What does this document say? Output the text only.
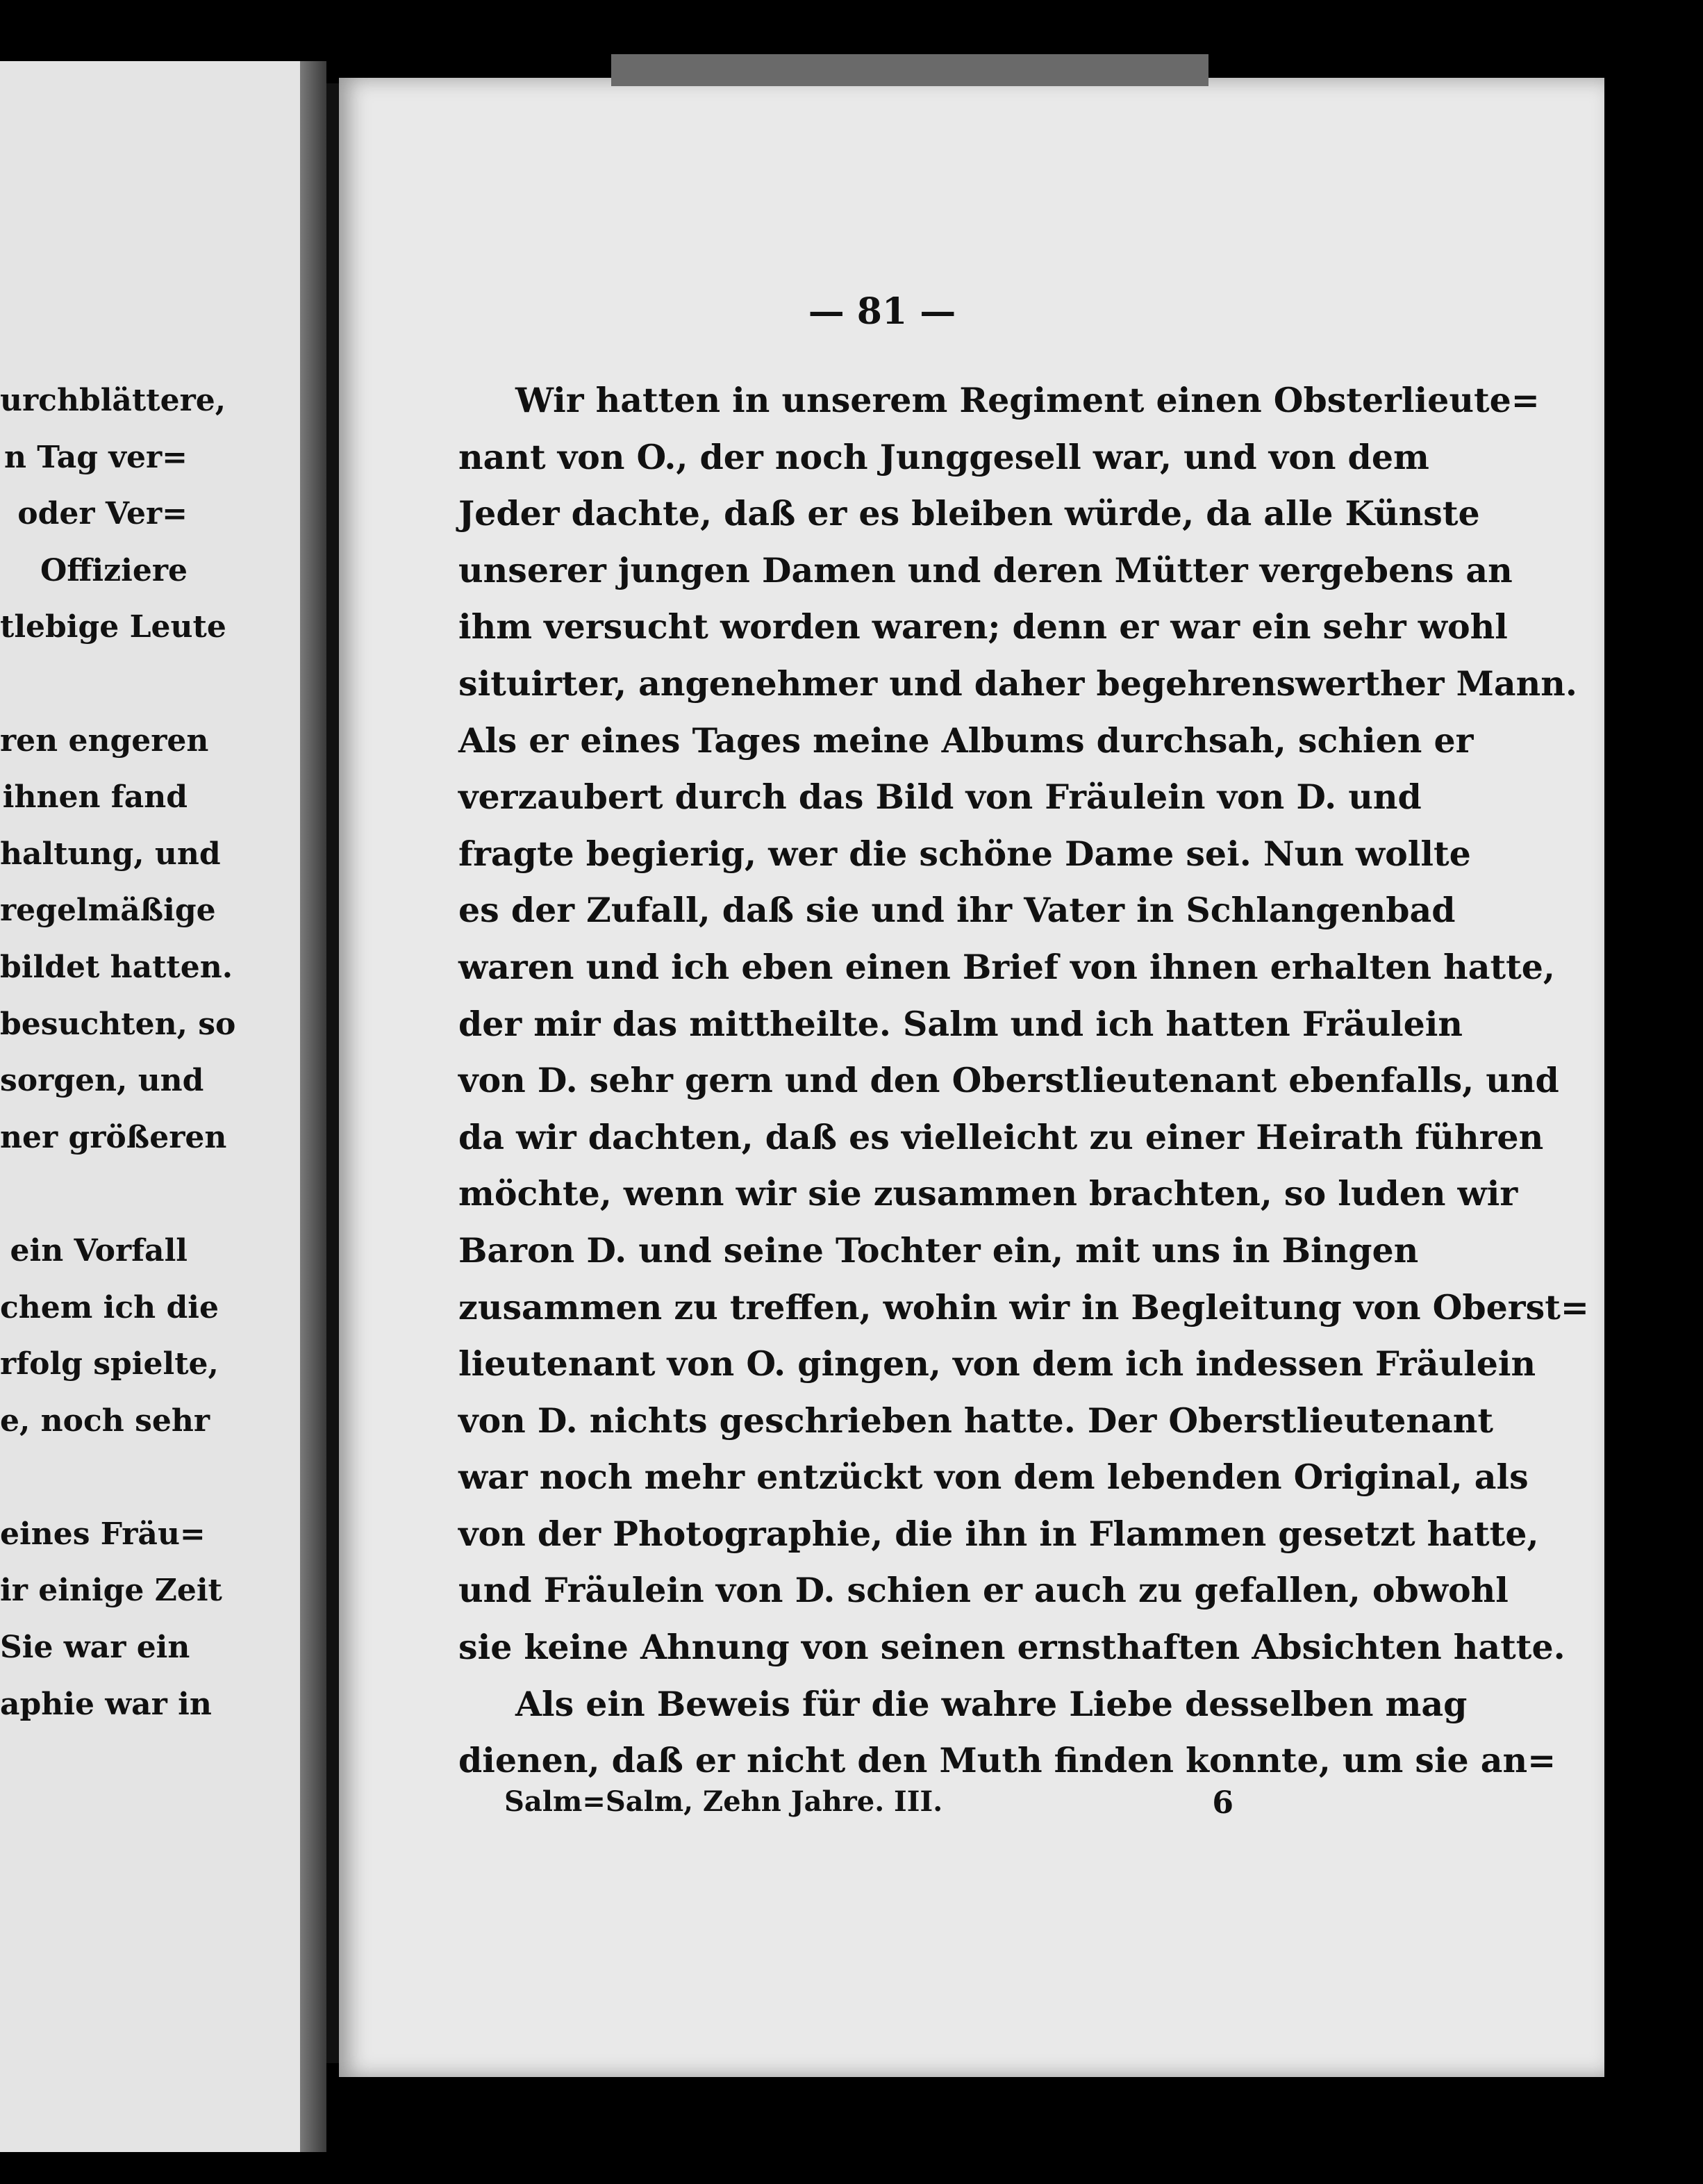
urchblättere,
n Tag ver=
oder Ver=
Offiziere
tlebige Leute
ren engeren
ihnen fand
haltung, und
regelmäßige
bildet hatten.
besuchten, so
sorgen, und
ner größeren
ein Vorfall
chem ich die
rfolg spielte,
e, noch sehr
eines Fräu=
ir einige Zeit
Sie war ein
aphie war in
— 81 —
Wir hatten in unserem Regiment einen Obsterlieute=
nant von O., der noch Junggesell war, und von dem
Jeder dachte, daß er es bleiben würde, da alle Künste
unserer jungen Damen und deren Mütter vergebens an
ihm versucht worden waren; denn er war ein sehr wohl
situirter, angenehmer und daher begehrenswerther Mann.
Als er eines Tages meine Albums durchsah, schien er
verzaubert durch das Bild von Fräulein von D. und
fragte begierig, wer die schöne Dame sei. Nun wollte
es der Zufall, daß sie und ihr Vater in Schlangenbad
waren und ich eben einen Brief von ihnen erhalten hatte,
der mir das mittheilte. Salm und ich hatten Fräulein
von D. sehr gern und den Oberstlieutenant ebenfalls, und
da wir dachten, daß es vielleicht zu einer Heirath führen
möchte, wenn wir sie zusammen brachten, so luden wir
Baron D. und seine Tochter ein, mit uns in Bingen
zusammen zu treffen, wohin wir in Begleitung von Oberst=
lieutenant von O. gingen, von dem ich indessen Fräulein
von D. nichts geschrieben hatte. Der Oberstlieutenant
war noch mehr entzückt von dem lebenden Original, als
von der Photographie, die ihn in Flammen gesetzt hatte,
und Fräulein von D. schien er auch zu gefallen, obwohl
sie keine Ahnung von seinen ernsthaften Absichten hatte.
Als ein Beweis für die wahre Liebe desselben mag
dienen, daß er nicht den Muth finden konnte, um sie an=
Salm=Salm, Zehn Jahre. III.	6
